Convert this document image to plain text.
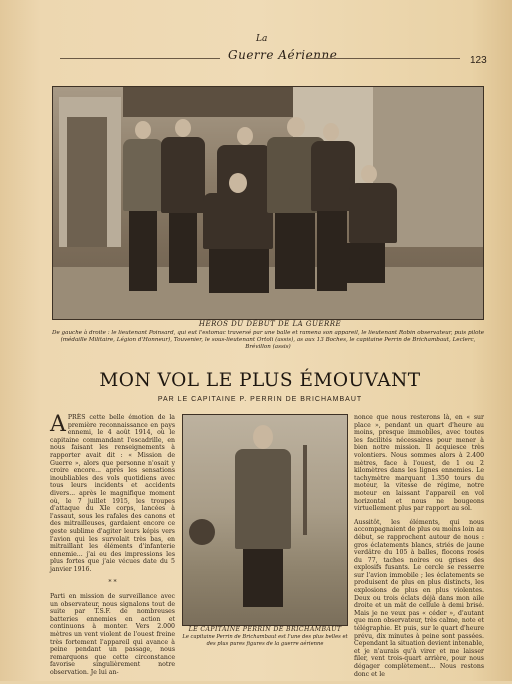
La
Guerre Aérienne	123
HÉROS DU DÉBUT DE LA GUERRE
De gauche à droite : le lieutenant Poinsard, qui eut l'estomac traversé par une balle et ramena son appareil, le lieutenant Robin observateur, puis pilote (médaille Militaire, Légion d'Honneur), Touvenier, le sous-lieutenant Ortoli (assis), as aux 13 Boches, le capitaine Perrin de Brichambaut, Leclerc, Brévillon (assis)
MON VOL LE PLUS ÉMOUVANT
PAR LE CAPITAINE P. PERRIN DE BRICHAMBAUT

APRÈS cette belle émotion de la première reconnaissance en pays ennemi, le 4 août 1914, où le capitaine commandant l'escadrille, en nous faisant les renseignements à rapporter avait dit : « Mission de Guerre », alors que personne n'osait y croire encore... après les sensations inoubliables des vols quotidiens avec tous leurs incidents et accidents divers... après le magnifique moment où, le 7 juillet 1915, les troupes d'attaque du XIe corps, lancées à l'assaut, sous les rafales des canons et des mitrailleuses, gardaient encore ce geste sublime d'agiter leurs képis vers l'avion qui les survolait très bas, en mitraillant les éléments d'infanterie ennemie... j'ai eu des impressions les plus fortes que j'aie vécues date du 5 janvier 1916.

* *

Parti en mission de surveillance avec un observateur, nous signalons tout de suite par T.S.F. de nombreuses batteries ennemies en action et continuons à monter. Vers 2.000 mètres un vent violent de l'ouest freine très fortement l'appareil qui avance à peine pendant un passage, nous remarquons que cette circonstance favorise singulièrement notre observation. Je lui an-

LE CAPITAINE PERRIN DE BRICHAMBAUT
Le capitaine Perrin de Brichambaut est l'une des plus belles et des plus pures figures de la guerre aérienne

nonce que nous resterons là, en « sur place », pendant un quart d'heure au moins, presque immobiles, avec toutes les facilités nécessaires pour mener à bien notre mission. Il acquiesce très volontiers. Nous sommes alors à 2.400 mètres, face à l'ouest, de 1 ou 2 kilomètres dans les lignes ennemies. Le tachymètre marquant 1.350 tours du moteur, la vitesse de régime, notre moteur en laissant l'appareil en vol horizontal et nous ne bougeons virtuellement plus par rapport au sol.

Aussitôt, les éléments, qui nous accompagnaient de plus ou moins loin au début, se rapprochent autour de nous : gros éclatements blancs, striés de jaune verdâtre du 105 à balles, flocons rosés du 77, taches noires ou grises des explosifs fusants. Le cercle se resserre sur l'avion immobile ; les éclatements se produisent de plus en plus distincts, les explosions de plus en plus violentes. Deux ou trois éclats déjà dans mon aile droite et un mât de cellule à demi brisé. Mais je ne veux pas « céder », d'autant que mon observateur, très calme, note et télégraphie. Et puis, sur le quart d'heure prévu, dix minutes à peine sont passées. Cependant la situation devient intenable, et je n'aurais qu'à virer et me laisser filer, vent trois-quart arrière, pour nous dégager complètement... Nous restons donc et le
